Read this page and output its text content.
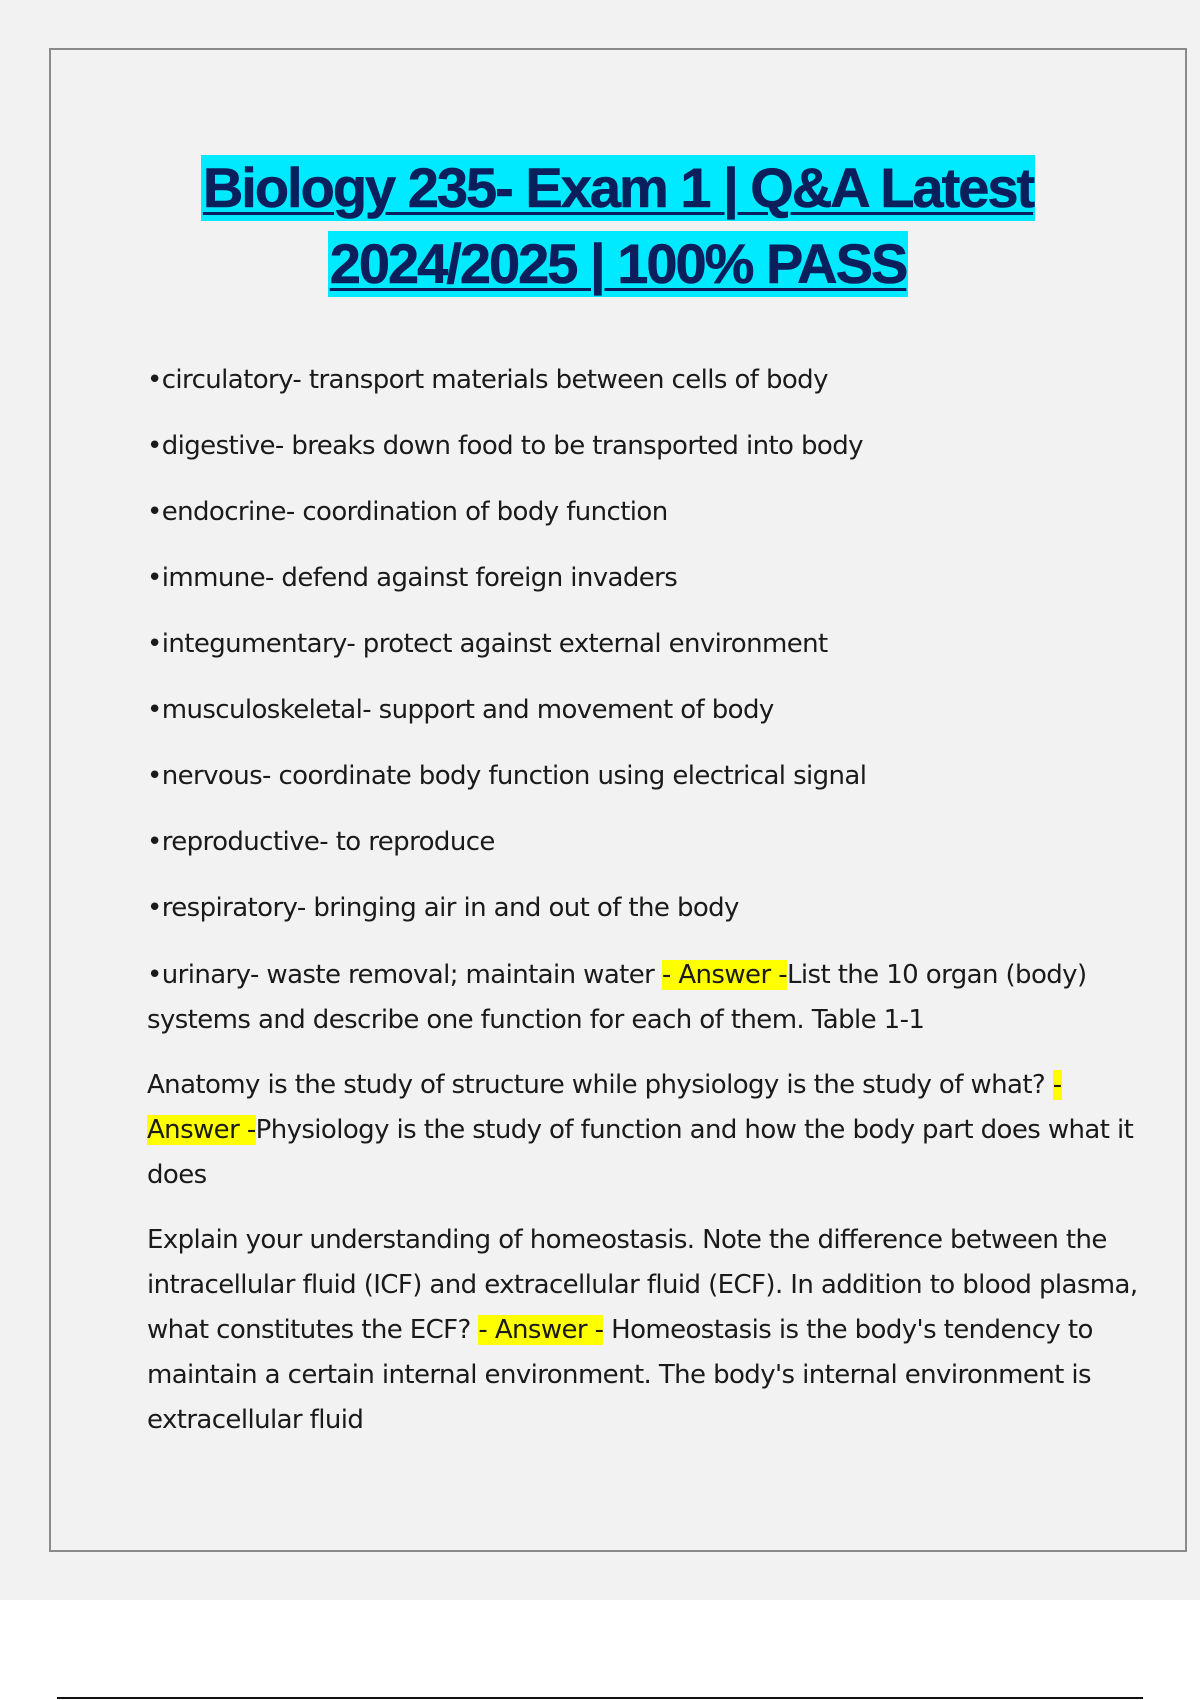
Biology 235- Exam 1 | Q&A Latest
2024/2025 | 100% PASS

•circulatory- transport materials between cells of body

•digestive- breaks down food to be transported into body

•endocrine- coordination of body function

•immune- defend against foreign invaders

•integumentary- protect against external environment

•musculoskeletal- support and movement of body

•nervous- coordinate body function using electrical signal

•reproductive- to reproduce

•respiratory- bringing air in and out of the body

•urinary- waste removal; maintain water - Answer -List the 10 organ (body) systems and describe one function for each of them. Table 1-1

Anatomy is the study of structure while physiology is the study of what? - Answer -Physiology is the study of function and how the body part does what it does

Explain your understanding of homeostasis. Note the difference between the intracellular fluid (ICF) and extracellular fluid (ECF). In addition to blood plasma, what constitutes the ECF? - Answer - Homeostasis is the body's tendency to maintain a certain internal environment. The body's internal environment is extracellular fluid
